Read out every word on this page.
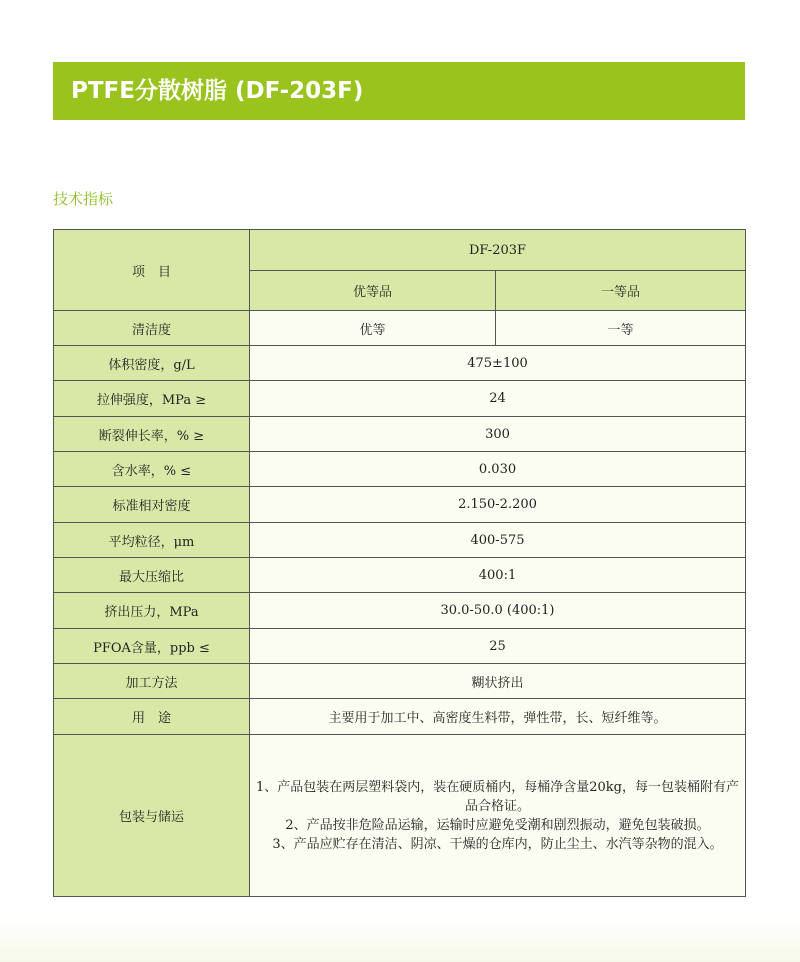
PTFE分散树脂 (DF-203F)
技术指标
项　目	DF-203F	
	优等品	一等品
清洁度	优等	一等
体积密度，g/L	475±100	
拉伸强度，MPa ≥	24	
断裂伸长率，% ≥	300	
含水率，% ≤	0.030	
标准相对密度	2.150-2.200	
平均粒径，μm	400-575	
最大压缩比	400:1	
挤出压力，MPa	30.0-50.0 (400:1)	
PFOA含量，ppb ≤	25	
加工方法	糊状挤出	
用　途	主要用于加工中、高密度生料带，弹性带，长、短纤维等。	
包装与储运	1、产品包装在两层塑料袋内，装在硬质桶内，每桶净含量20kg，每一包装桶附有产品合格证。
2、产品按非危险品运输，运输时应避免受潮和剧烈振动，避免包装破损。
3、产品应贮存在清洁、阴凉、干燥的仓库内，防止尘土、水汽等杂物的混入。	
